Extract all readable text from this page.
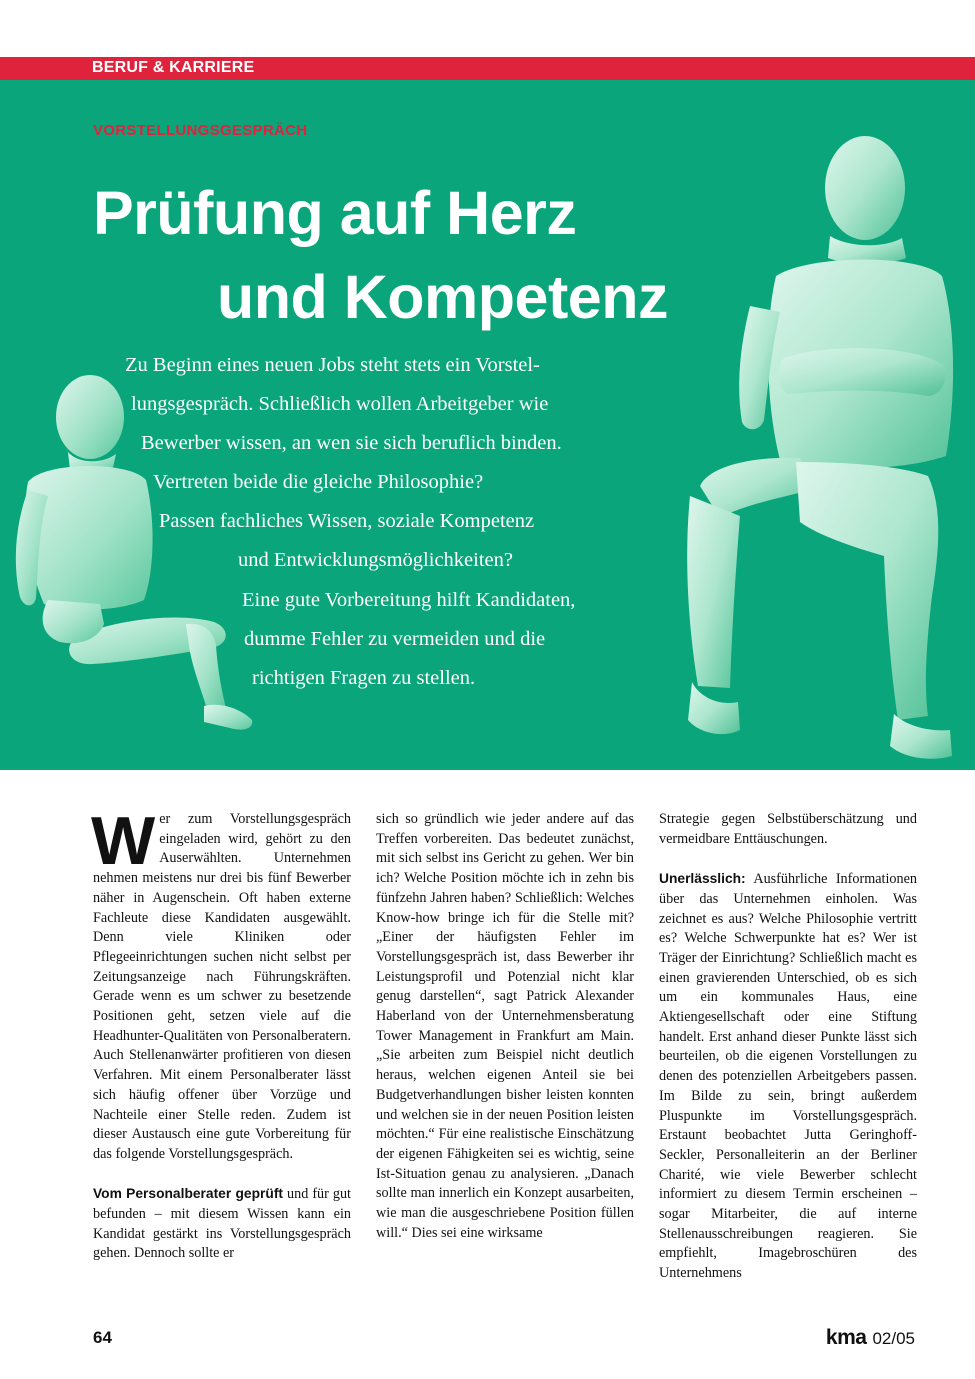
BERUF & KARRIERE
VORSTELLUNGSGESPRÄCH
Prüfung auf Herz
und Kompetenz
Zu Beginn eines neuen Jobs steht stets ein Vorstel-
lungsgespräch. Schließlich wollen Arbeitgeber wie
Bewerber wissen, an wen sie sich beruflich binden.
Vertreten beide die gleiche Philosophie?
Passen fachliches Wissen, soziale Kompetenz
und Entwicklungsmöglichkeiten?
Eine gute Vorbereitung hilft Kandidaten,
dumme Fehler zu vermeiden und die
richtigen Fragen zu stellen.

Wer zum Vorstellungsgespräch eingeladen wird, gehört zu den Auserwählten. Unternehmen nehmen meistens nur drei bis fünf Bewerber näher in Augenschein. Oft haben externe Fachleute diese Kandidaten ausgewählt. Denn viele Kliniken oder Pflegeeinrichtungen suchen nicht selbst per Zeitungsanzeige nach Führungskräften. Gerade wenn es um schwer zu besetzende Positionen geht, setzen viele auf die Headhunter-Qualitäten von Personalberatern. Auch Stellenanwärter profitieren von diesen Verfahren. Mit einem Personalberater lässt sich häufig offener über Vorzüge und Nachteile einer Stelle reden. Zudem ist dieser Austausch eine gute Vorbereitung für das folgende Vorstellungsgespräch.

Vom Personalberater geprüft und für gut befunden – mit diesem Wissen kann ein Kandidat gestärkt ins Vorstellungsgespräch gehen. Dennoch sollte er

sich so gründlich wie jeder andere auf das Treffen vorbereiten. Das bedeutet zunächst, mit sich selbst ins Gericht zu gehen. Wer bin ich? Welche Position möchte ich in zehn bis fünfzehn Jahren haben? Schließlich: Welches Know-how bringe ich für die Stelle mit? „Einer der häufigsten Fehler im Vorstellungsgespräch ist, dass Bewerber ihr Leistungsprofil und Potenzial nicht klar genug darstellen“, sagt Patrick Alexander Haberland von der Unternehmensberatung Tower Management in Frankfurt am Main. „Sie arbeiten zum Beispiel nicht deutlich heraus, welchen eigenen Anteil sie bei Budgetverhandlungen bisher leisten konnten und welchen sie in der neuen Position leisten möchten.“ Für eine realistische Einschätzung der eigenen Fähigkeiten sei es wichtig, seine Ist-Situation genau zu analysieren. „Danach sollte man innerlich ein Konzept ausarbeiten, wie man die ausgeschriebene Position füllen will.“ Dies sei eine wirksame

Strategie gegen Selbstüberschätzung und vermeidbare Enttäuschungen.

Unerlässlich: Ausführliche Informationen über das Unternehmen einholen. Was zeichnet es aus? Welche Philosophie vertritt es? Welche Schwerpunkte hat es? Wer ist Träger der Einrichtung? Schließlich macht es einen gravierenden Unterschied, ob es sich um ein kommunales Haus, eine Aktiengesellschaft oder eine Stiftung handelt. Erst anhand dieser Punkte lässt sich beurteilen, ob die eigenen Vorstellungen zu denen des potenziellen Arbeitgebers passen. Im Bilde zu sein, bringt außerdem Pluspunkte im Vorstellungsgespräch. Erstaunt beobachtet Jutta Geringhoff-Seckler, Personalleiterin an der Berliner Charité, wie viele Bewerber schlecht informiert zu diesem Termin erscheinen – sogar Mitarbeiter, die auf interne Stellenausschreibungen reagieren. Sie empfiehlt, Imagebroschüren des Unternehmens

64	kma 02/05
